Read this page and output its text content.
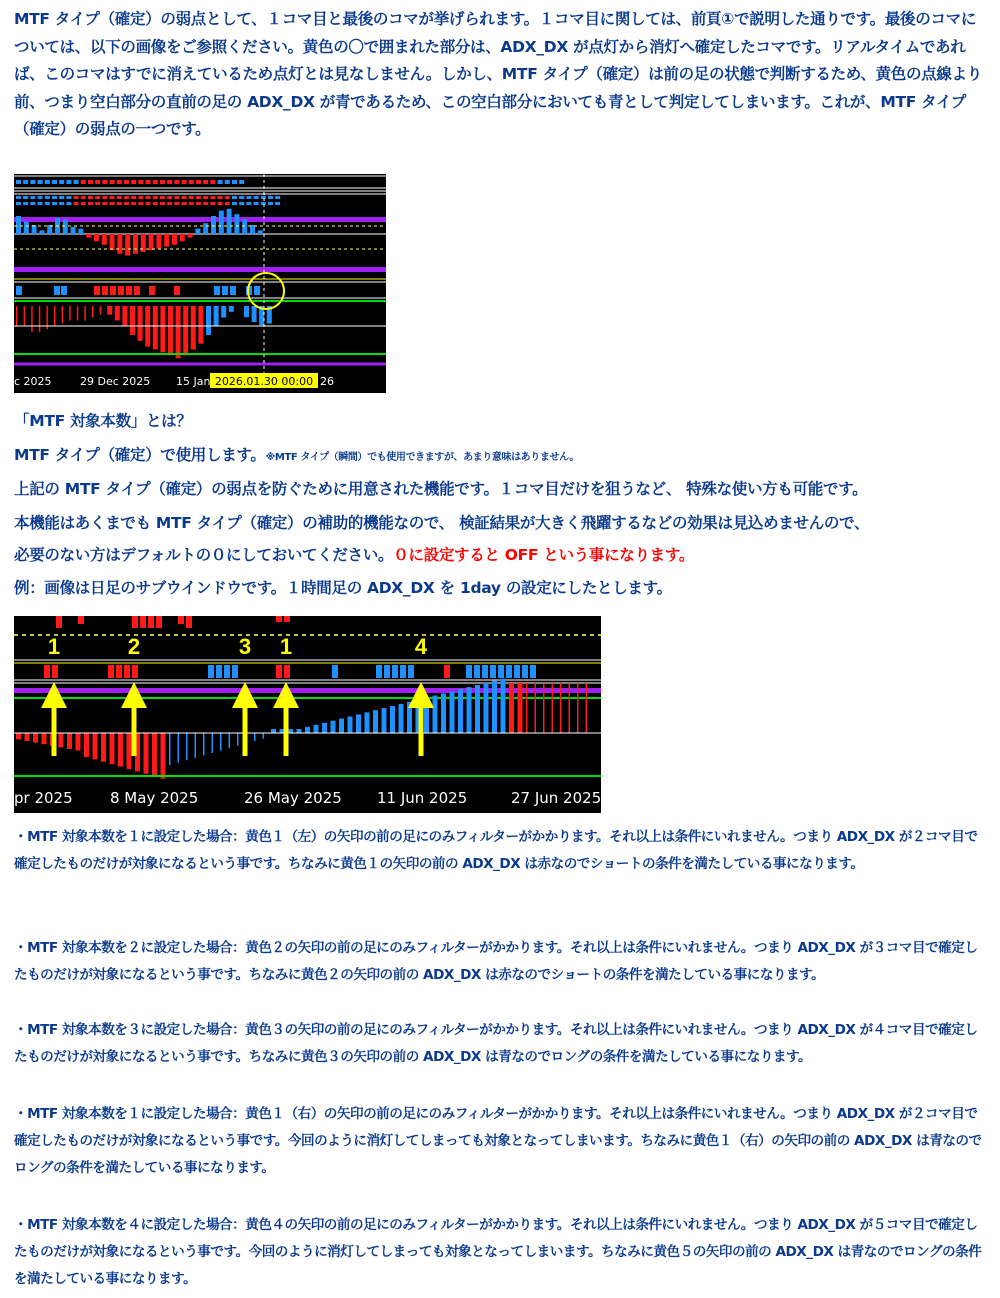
MTF タイプ（確定）の弱点として、１コマ目と最後のコマが挙げられます。１コマ目に関しては、前頁①で説明した通りです。最後のコマについては、以下の画像をご参照ください。黄色の〇で囲まれた部分は、ADX_DX が点灯から消灯へ確定したコマです。リアルタイムであれば、このコマはすでに消えているため点灯とは見なしません。しかし、MTF タイプ（確定）は前の足の状態で判断するため、黄色の点線より前、つまり空白部分の直前の足の ADX_DX が青であるため、この空白部分においても青として判定してしまいます。これが、MTF タイプ（確定）の弱点の一つです。
c 2025	29 Dec 2025 15 Jan	26
2026.01.30 00:00
「MTF 対象本数」とは？
MTF タイプ（確定）で使用します。※MTF タイプ（瞬間）でも使用できますが、あまり意味はありません。
上記の MTF タイプ（確定）の弱点を防ぐために用意された機能です。１コマ目だけを狙うなど、 特殊な使い方も可能です。
本機能はあくまでも MTF タイプ（確定）の補助的機能なので、 検証結果が大きく飛躍するなどの効果は見込めませんので、
必要のない方はデフォルトの０にしておいてください。０に設定すると OFF という事になります。
例：画像は日足のサブウインドウです。１時間足の ADX_DX を 1day の設定にしたとします。
1	2	3 1	4
pr 2025 8 May 2025	26 May 2025 11 Jun 2025	27 Jun 2025
・MTF 対象本数を１に設定した場合：黄色１（左）の矢印の前の足にのみフィルターがかかります。それ以上は条件にいれません。つまり ADX_DX が２コマ目で確定したものだけが対象になるという事です。ちなみに黄色１の矢印の前の ADX_DX は赤なのでショートの条件を満たしている事になります。
・MTF 対象本数を２に設定した場合：黄色２の矢印の前の足にのみフィルターがかかります。それ以上は条件にいれません。つまり ADX_DX が３コマ目で確定したものだけが対象になるという事です。ちなみに黄色２の矢印の前の ADX_DX は赤なのでショートの条件を満たしている事になります。
・MTF 対象本数を３に設定した場合：黄色３の矢印の前の足にのみフィルターがかかります。それ以上は条件にいれません。つまり ADX_DX が４コマ目で確定したものだけが対象になるという事です。ちなみに黄色３の矢印の前の ADX_DX は青なのでロングの条件を満たしている事になります。
・MTF 対象本数を１に設定した場合：黄色１（右）の矢印の前の足にのみフィルターがかかります。それ以上は条件にいれません。つまり ADX_DX が２コマ目で確定したものだけが対象になるという事です。今回のように消灯してしまっても対象となってしまいます。ちなみに黄色１（右）の矢印の前の ADX_DX は青なのでロングの条件を満たしている事になります。
・MTF 対象本数を４に設定した場合：黄色４の矢印の前の足にのみフィルターがかかります。それ以上は条件にいれません。つまり ADX_DX が５コマ目で確定したものだけが対象になるという事です。今回のように消灯してしまっても対象となってしまいます。ちなみに黄色５の矢印の前の ADX_DX は青なのでロングの条件を満たしている事になります。
